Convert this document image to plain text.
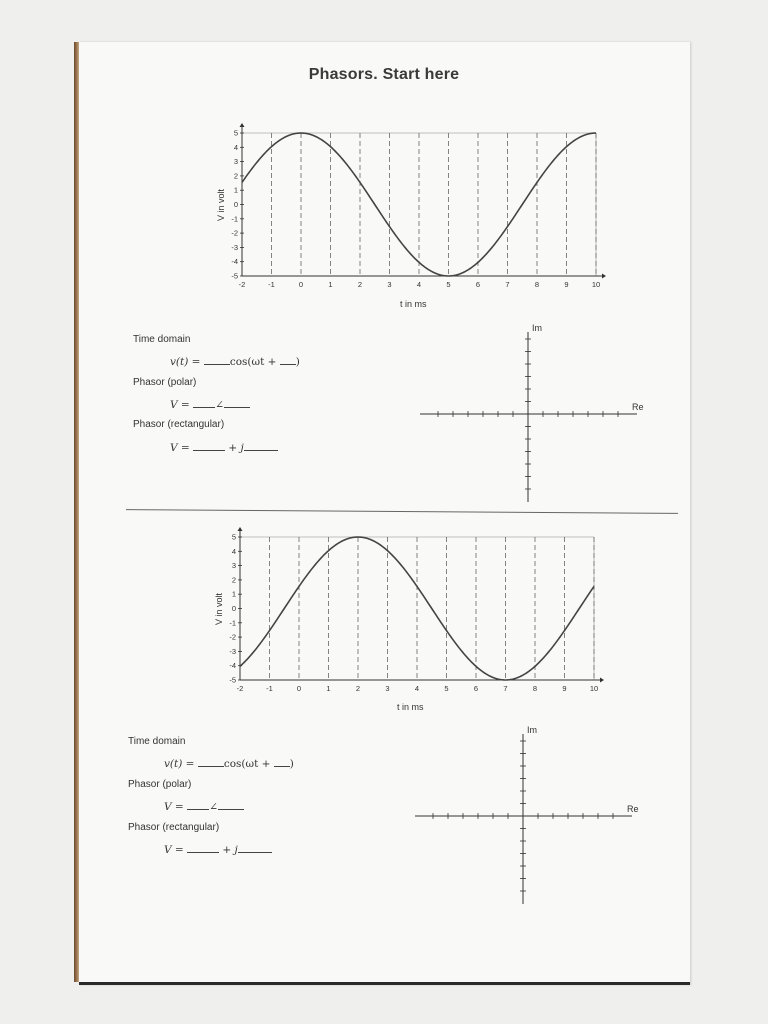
Phasors. Start here
-2	-1	0	1	2	3	4	5	6	7	8	9	10
5
4
3
2
1
0
-1
-2
-3
-4
-5
V in volt
t in ms
Time domain
v(t) =	cos(ωt + )
Phasor (polar)
V = ∠
Phasor (rectangular)
V =	+ j
Im
Re
-2	-1	0	1	2	3	4	5	6	7	8	9	10
5
4
3
2
1
0
-1
-2
-3
-4
-5
V in volt
t in ms
Time domain
v(t) =	cos(ωt + )
Phasor (polar)
V = ∠
Phasor (rectangular)
V =	+ j
Im
Re
